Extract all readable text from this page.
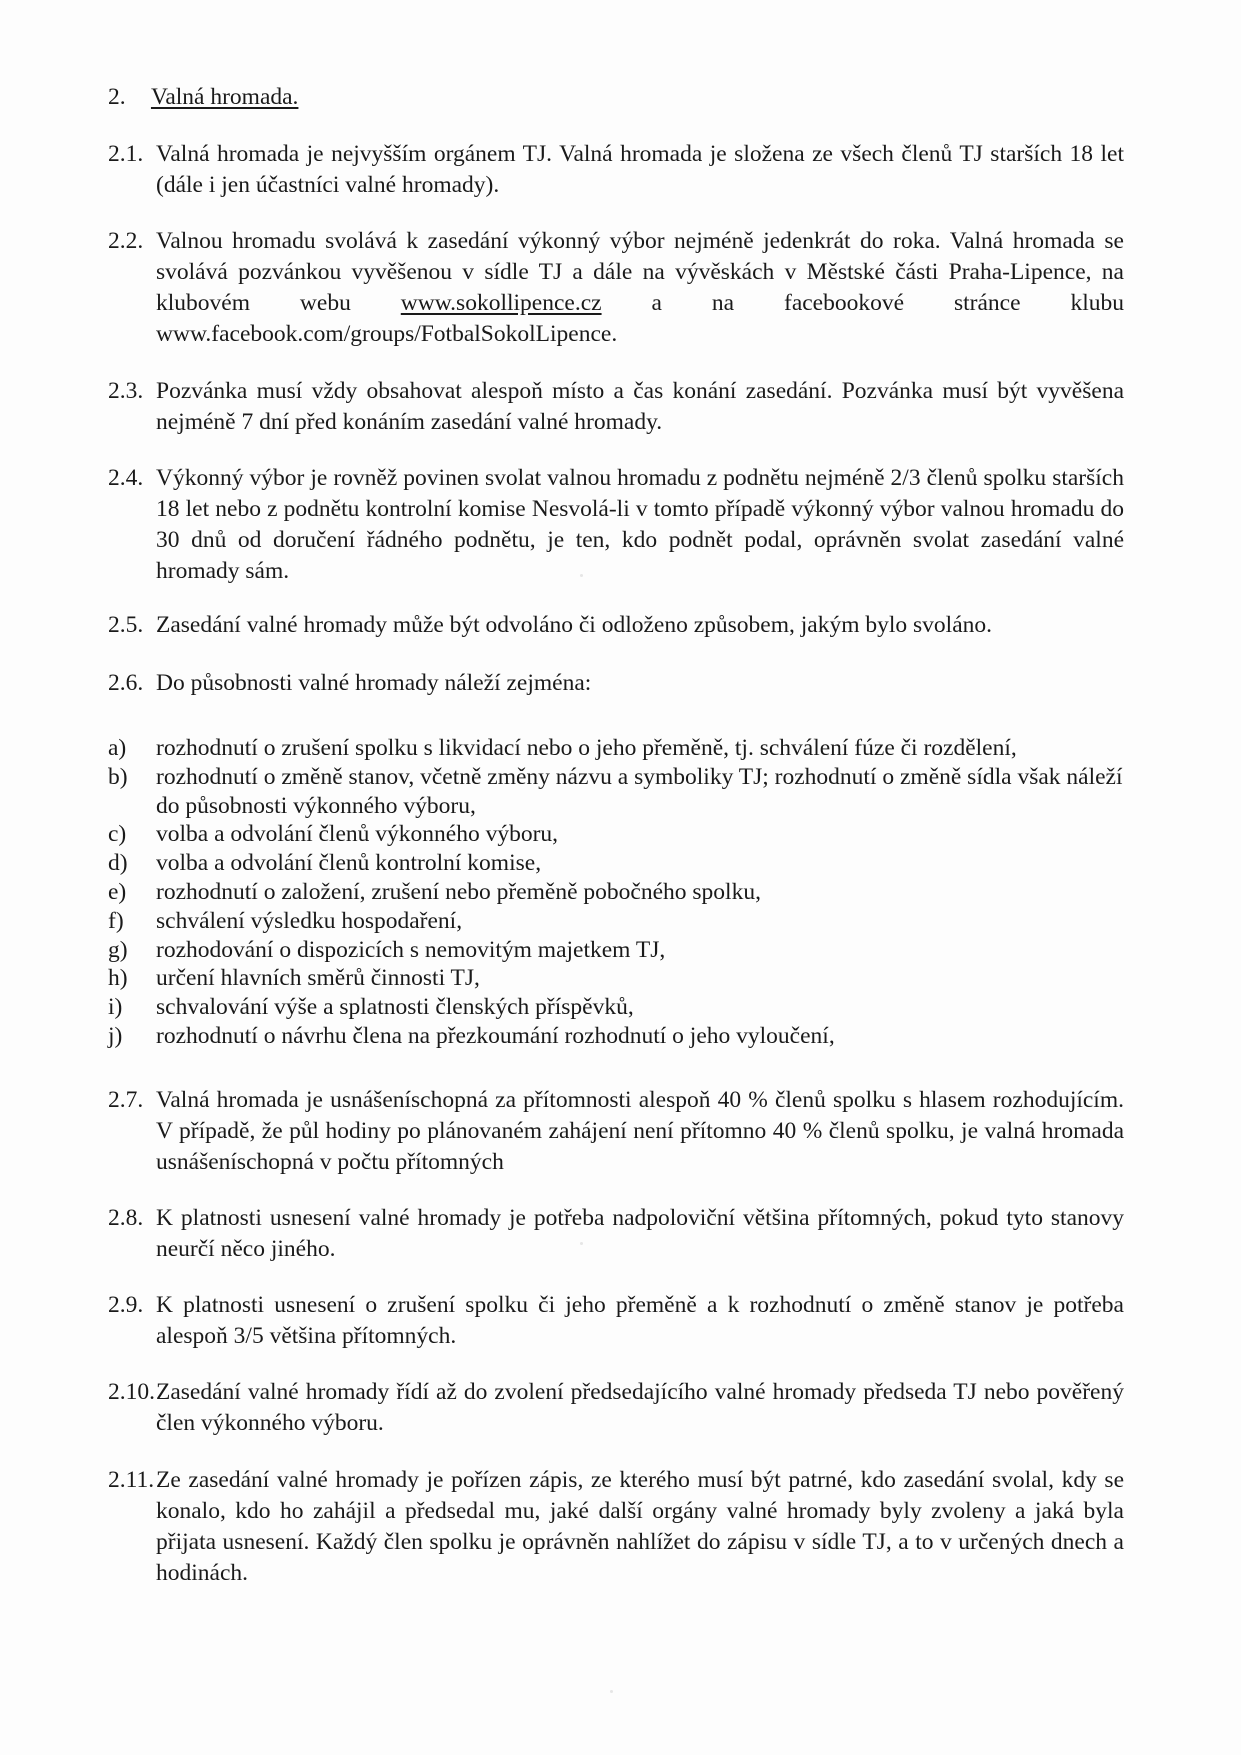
2. Valná hromada.
2.1. Valná hromada je nejvyšším orgánem TJ. Valná hromada je složena ze všech členů TJ starších 18 let (dále i jen účastníci valné hromady).
2.2. Valnou hromadu svolává k zasedání výkonný výbor nejméně jedenkrát do roka. Valná hromada se svolává pozvánkou vyvěšenou v sídle TJ a dále na vývěskách v Městské části Praha-Lipence, na klubovém webu www.sokollipence.cz a na facebookové stránce klubu www.facebook.com/groups/FotbalSokolLipence.
2.3. Pozvánka musí vždy obsahovat alespoň místo a čas konání zasedání. Pozvánka musí být vyvěšena nejméně 7 dní před konáním zasedání valné hromady.
2.4. Výkonný výbor je rovněž povinen svolat valnou hromadu z podnětu nejméně 2/3 členů spolku starších 18 let nebo z podnětu kontrolní komise Nesvolá-li v tomto případě výkonný výbor valnou hromadu do 30 dnů od doručení řádného podnětu, je ten, kdo podnět podal, oprávněn svolat zasedání valné hromady sám.
2.5. Zasedání valné hromady může být odvoláno či odloženo způsobem, jakým bylo svoláno.
2.6. Do působnosti valné hromady náleží zejména:
a) rozhodnutí o zrušení spolku s likvidací nebo o jeho přeměně, tj. schválení fúze či rozdělení,
b) rozhodnutí o změně stanov, včetně změny názvu a symboliky TJ; rozhodnutí o změně sídla však náleží do působnosti výkonného výboru,
c) volba a odvolání členů výkonného výboru,
d) volba a odvolání členů kontrolní komise,
e) rozhodnutí o založení, zrušení nebo přeměně pobočného spolku,
f) schválení výsledku hospodaření,
g) rozhodování o dispozicích s nemovitým majetkem TJ,
h) určení hlavních směrů činnosti TJ,
i) schvalování výše a splatnosti členských příspěvků,
j) rozhodnutí o návrhu člena na přezkoumání rozhodnutí o jeho vyloučení,
2.7. Valná hromada je usnášeníschopná za přítomnosti alespoň 40 % členů spolku s hlasem rozhodujícím. V případě, že půl hodiny po plánovaném zahájení není přítomno 40 % členů spolku, je valná hromada usnášeníschopná v počtu přítomných
2.8. K platnosti usnesení valné hromady je potřeba nadpoloviční většina přítomných, pokud tyto stanovy neurčí něco jiného.
2.9. K platnosti usnesení o zrušení spolku či jeho přeměně a k rozhodnutí o změně stanov je potřeba alespoň 3/5 většina přítomných.
2.10. Zasedání valné hromady řídí až do zvolení předsedajícího valné hromady předseda TJ nebo pověřený člen výkonného výboru.
2.11. Ze zasedání valné hromady je pořízen zápis, ze kterého musí být patrné, kdo zasedání svolal, kdy se konalo, kdo ho zahájil a předsedal mu, jaké další orgány valné hromady byly zvoleny a jaká byla přijata usnesení. Každý člen spolku je oprávněn nahlížet do zápisu v sídle TJ, a to v určených dnech a hodinách.
